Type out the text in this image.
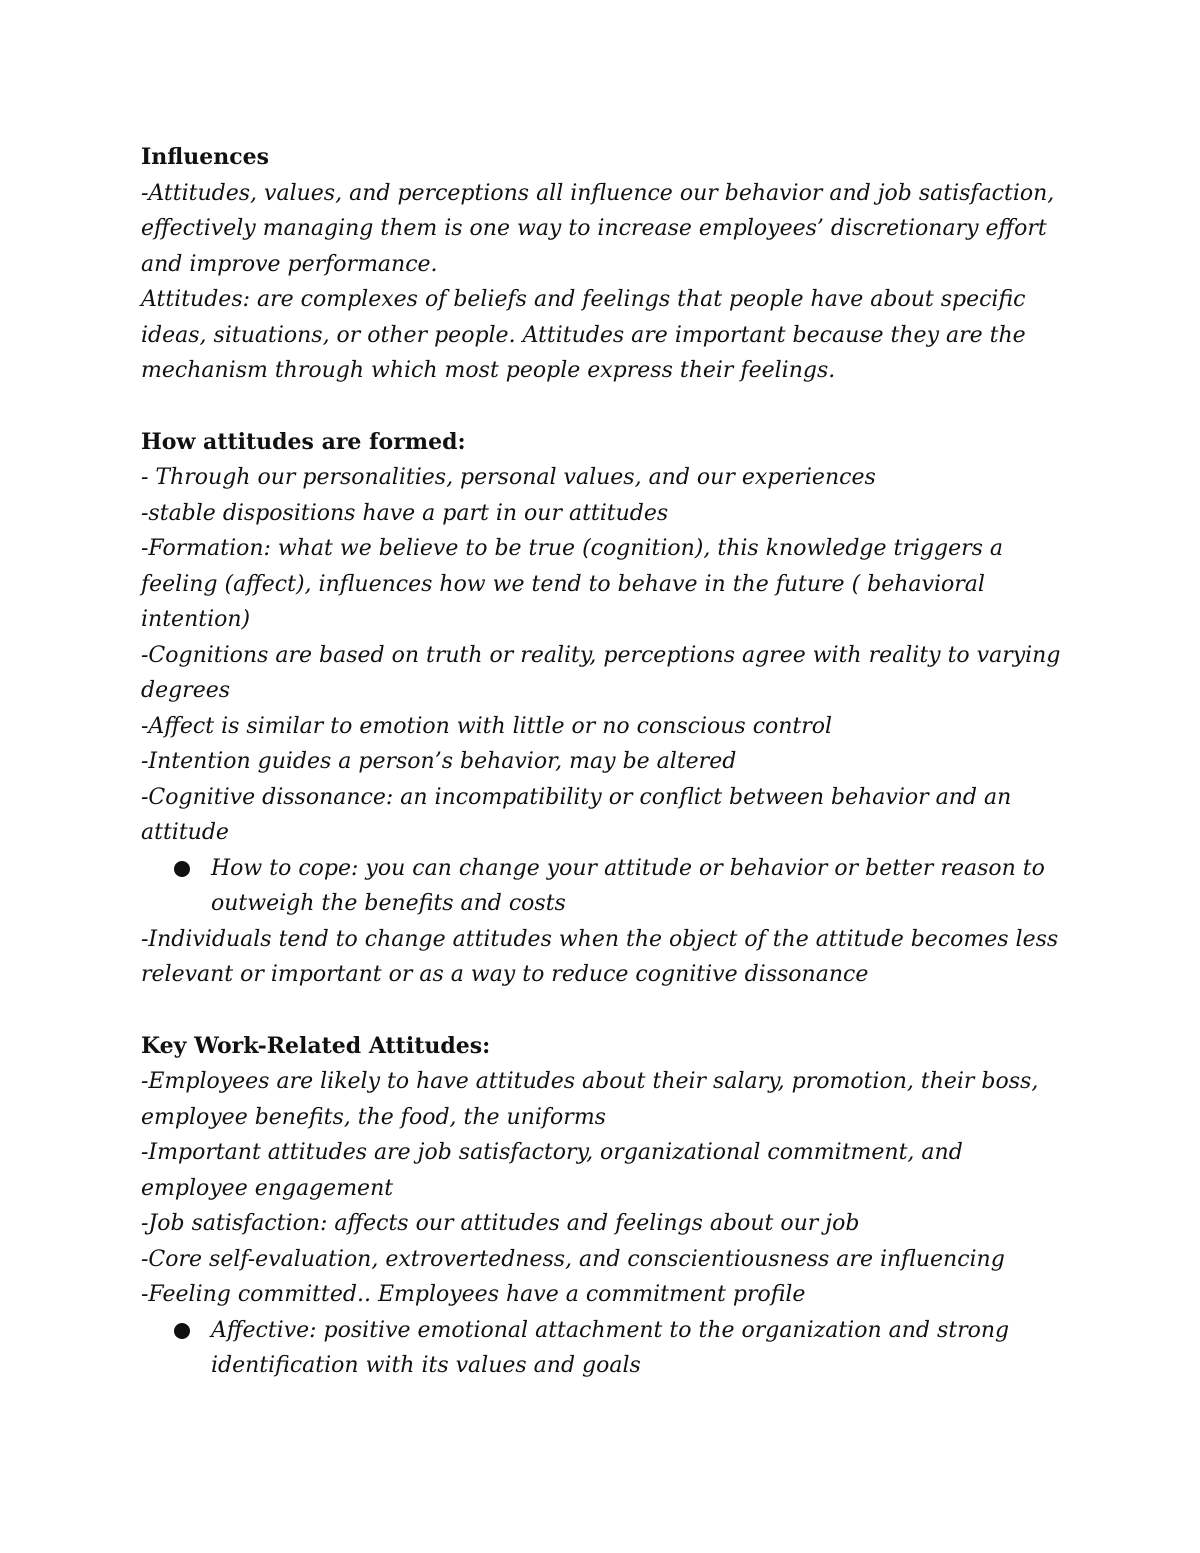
Influences

-Attitudes, values, and perceptions all influence our behavior and job satisfaction, effectively managing them is one way to increase employees’ discretionary effort and improve performance.

Attitudes: are complexes of beliefs and feelings that people have about specific ideas, situations, or other people. Attitudes are important because they are the mechanism through which most people express their feelings.

How attitudes are formed:

- Through our personalities, personal values, and our experiences

-stable dispositions have a part in our attitudes

-Formation: what we believe to be true (cognition), this knowledge triggers a feeling (affect), influences how we tend to behave in the future ( behavioral intention)

-Cognitions are based on truth or reality, perceptions agree with reality to varying degrees

-Affect is similar to emotion with little or no conscious control

-Intention guides a person’s behavior, may be altered

-Cognitive dissonance: an incompatibility or conflict between behavior and an attitude

How to cope: you can change your attitude or behavior or better reason to outweigh the benefits and costs

-Individuals tend to change attitudes when the object of the attitude becomes less relevant or important or as a way to reduce cognitive dissonance

Key Work-Related Attitudes:

-Employees are likely to have attitudes about their salary, promotion, their boss, employee benefits, the food, the uniforms

-Important attitudes are job satisfactory, organizational commitment, and employee engagement

-Job satisfaction: affects our attitudes and feelings about our job

-Core self-evaluation, extrovertedness, and conscientiousness are influencing

-Feeling committed.. Employees have a commitment profile

Affective: positive emotional attachment to the organization and strong identification with its values and goals
